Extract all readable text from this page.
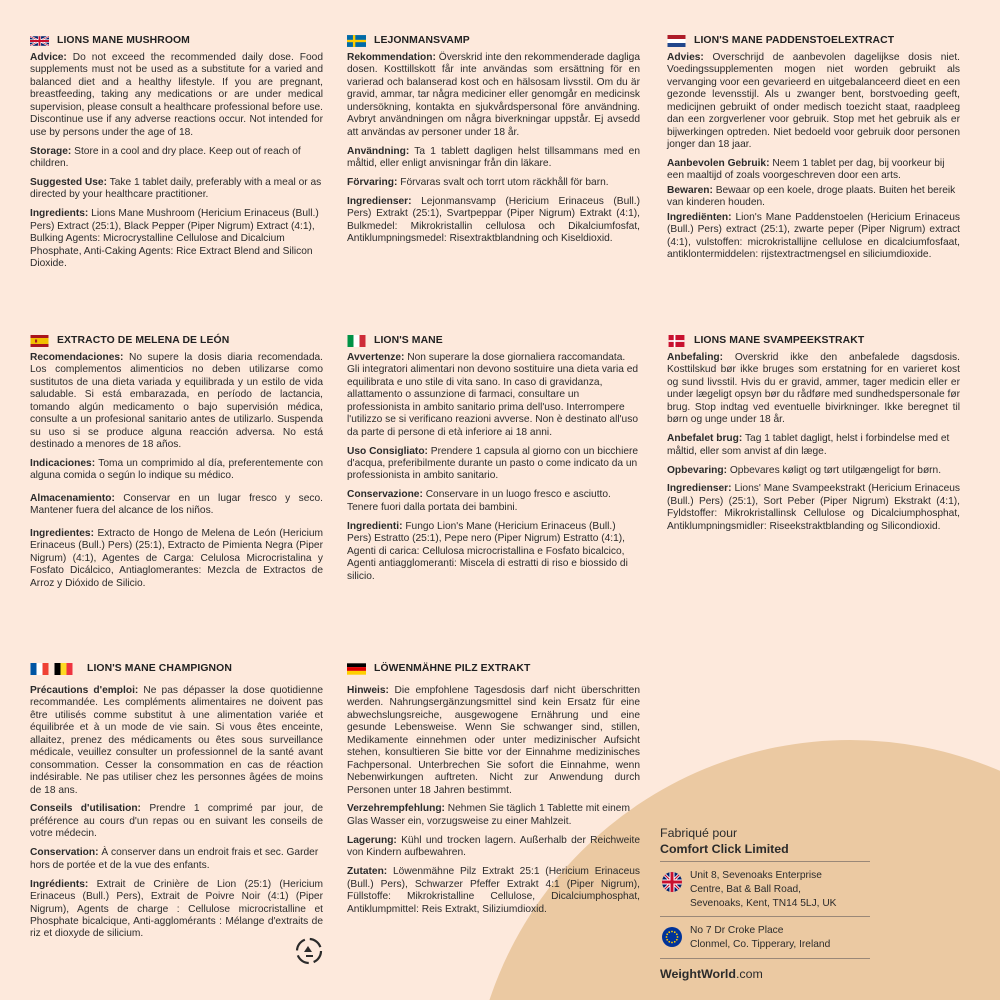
LIONS MANE MUSHROOM

Advice: Do not exceed the recommended daily dose. Food supplements must not be used as a substitute for a varied and balanced diet and a healthy lifestyle. If you are pregnant, breastfeeding, taking any medications or are under medical supervision, please consult a healthcare professional before use. Discontinue use if any adverse reactions occur. Not intended for use by persons under the age of 18.

Storage: Store in a cool and dry place. Keep out of reach of children.

Suggested Use: Take 1 tablet daily, preferably with a meal or as directed by your healthcare practitioner.

Ingredients: Lions Mane Mushroom (Hericium Erinaceus (Bull.) Pers) Extract (25:1), Black Pepper (Piper Nigrum) Extract (4:1), Bulking Agents: Microcrystalline Cellulose and Dicalcium Phosphate, Anti-Caking Agents: Rice Extract Blend and Silicon Dioxide.

LEJONMANSVAMP

Rekommendation: Överskrid inte den rekommenderade dagliga dosen. Kosttillskott får inte användas som ersättning för en varierad och balanserad kost och en hälsosam livsstil. Om du är gravid, ammar, tar några mediciner eller genomgår en medicinsk undersökning, kontakta en sjukvårdspersonal före användning. Avbryt användningen om några biverkningar uppstår. Ej avsedd att användas av personer under 18 år.

Användning: Ta 1 tablett dagligen helst tillsammans med en måltid, eller enligt anvisningar från din läkare.

Förvaring: Förvaras svalt och torrt utom räckhåll för barn.

Ingredienser: Lejonmansvamp (Hericium Erinaceus (Bull.) Pers) Extrakt (25:1), Svartpeppar (Piper Nigrum) Extrakt (4:1), Bulkmedel: Mikrokristallin cellulosa och Dikalciumfosfat, Antiklumpningsmedel: Risextraktblandning och Kiseldioxid.

LION'S MANE PADDENSTOELEXTRACT

Advies: Overschrijd de aanbevolen dagelijkse dosis niet. Voedingssupplementen mogen niet worden gebruikt als vervanging voor een gevarieerd en uitgebalanceerd dieet en een gezonde levensstijl. Als u zwanger bent, borstvoeding geeft, medicijnen gebruikt of onder medisch toezicht staat, raadpleeg dan een zorgverlener voor gebruik. Stop met het gebruik als er bijwerkingen optreden. Niet bedoeld voor gebruik door personen jonger dan 18 jaar.

Aanbevolen Gebruik: Neem 1 tablet per dag, bij voorkeur bij een maaltijd of zoals voorgeschreven door een arts.

Bewaren: Bewaar op een koele, droge plaats. Buiten het bereik van kinderen houden.

Ingrediënten: Lion's Mane Paddenstoelen (Hericium Erinaceus (Bull.) Pers) extract (25:1), zwarte peper (Piper Nigrum) extract (4:1), vulstoffen: microkristallijne cellulose en dicalciumfosfaat, antiklontermiddelen: rijstextractmengsel en siliciumdioxide.

EXTRACTO DE MELENA DE LEÓN

Recomendaciones: No supere la dosis diaria recomendada. Los complementos alimenticios no deben utilizarse como sustitutos de una dieta variada y equilibrada y un estilo de vida saludable. Si está embarazada, en período de lactancia, tomando algún medicamento o bajo supervisión médica, consulte a un profesional sanitario antes de utilizarlo. Suspenda su uso si se produce alguna reacción adversa. No está destinado a menores de 18 años.

Indicaciones: Toma un comprimido al día, preferentemente con alguna comida o según lo indique su médico.

Almacenamiento: Conservar en un lugar fresco y seco. Mantener fuera del alcance de los niños.

Ingredientes: Extracto de Hongo de Melena de León (Hericium Erinaceus (Bull.) Pers) (25:1), Extracto de Pimienta Negra (Piper Nigrum) (4:1), Agentes de Carga: Celulosa Microcristalina y Fosfato Dicálcico, Antiaglomerantes: Mezcla de Extractos de Arroz y Dióxido de Silicio.

LION'S MANE

Avvertenze: Non superare la dose giornaliera raccomandata. Gli integratori alimentari non devono sostituire una dieta varia ed equilibrata e uno stile di vita sano. In caso di gravidanza, allattamento o assunzione di farmaci, consultare un professionista in ambito sanitario prima dell'uso. Interrompere l'utilizzo se si verificano reazioni avverse. Non è destinato all'uso da parte di persone di età inferiore ai 18 anni.

Uso Consigliato: Prendere 1 capsula al giorno con un bicchiere d'acqua, preferibilmente durante un pasto o come indicato da un professionista in ambito sanitario.

Conservazione: Conservare in un luogo fresco e asciutto. Tenere fuori dalla portata dei bambini.

Ingredienti: Fungo Lion's Mane (Hericium Erinaceus (Bull.) Pers) Estratto (25:1), Pepe nero (Piper Nigrum) Estratto (4:1), Agenti di carica: Cellulosa microcristallina e Fosfato bicalcico, Agenti antiagglomeranti: Miscela di estratti di riso e biossido di silicio.

LIONS MANE SVAMPEEKSTRAKT

Anbefaling: Overskrid ikke den anbefalede dagsdosis. Kosttilskud bør ikke bruges som erstatning for en varieret kost og sund livsstil. Hvis du er gravid, ammer, tager medicin eller er under lægeligt opsyn bør du rådføre med sundhedspersonale før brug. Stop indtag ved eventuelle bivirkninger. Ikke beregnet til børn og unge under 18 år.

Anbefalet brug: Tag 1 tablet dagligt, helst i forbindelse med et måltid, eller som anvist af din læge.

Opbevaring: Opbevares køligt og tørt utilgængeligt for børn.

Ingredienser: Lions' Mane Svampeekstrakt (Hericium Erinaceus (Bull.) Pers) (25:1), Sort Peber (Piper Nigrum) Ekstrakt (4:1), Fyldstoffer: Mikrokristallinsk Cellulose og Dicalciumphosphat, Antiklumpningsmidler: Riseekstraktblanding og Silicondioxid.

LION'S MANE CHAMPIGNON

Précautions d'emploi: Ne pas dépasser la dose quotidienne recommandée. Les compléments alimentaires ne doivent pas être utilisés comme substitut à une alimentation variée et équilibrée et à un mode de vie sain. Si vous êtes enceinte, allaitez, prenez des médicaments ou êtes sous surveillance médicale, veuillez consulter un professionnel de la santé avant consommation. Cesser la consommation en cas de réaction indésirable. Ne pas utiliser chez les personnes âgées de moins de 18 ans.

Conseils d'utilisation: Prendre 1 comprimé par jour, de préférence au cours d'un repas ou en suivant les conseils de votre médecin.

Conservation: À conserver dans un endroit frais et sec. Garder hors de portée et de la vue des enfants.

Ingrédients: Extrait de Crinière de Lion (25:1) (Hericium Erinaceus (Bull.) Pers), Extrait de Poivre Noir (4:1) (Piper Nigrum), Agents de charge : Cellulose microcristalline et Phosphate bicalcique, Anti-agglomérants : Mélange d'extraits de riz et dioxyde de silicium.

LÖWENMÄHNE PILZ EXTRAKT

Hinweis: Die empfohlene Tagesdosis darf nicht überschritten werden. Nahrungsergänzungsmittel sind kein Ersatz für eine abwechslungsreiche, ausgewogene Ernährung und eine gesunde Lebensweise. Wenn Sie schwanger sind, stillen, Medikamente einnehmen oder unter medizinischer Aufsicht stehen, konsultieren Sie bitte vor der Einnahme medizinisches Fachpersonal. Unterbrechen Sie sofort die Einnahme, wenn Nebenwirkungen auftreten. Nicht zur Anwendung durch Personen unter 18 Jahren bestimmt.

Verzehrempfehlung: Nehmen Sie täglich 1 Tablette mit einem Glas Wasser ein, vorzugsweise zu einer Mahlzeit.

Lagerung: Kühl und trocken lagern. Außerhalb der Reichweite von Kindern aufbewahren.

Zutaten: Löwenmähne Pilz Extrakt 25:1 (Hericium Erinaceus (Bull.) Pers), Schwarzer Pfeffer Extrakt 4:1 (Piper Nigrum), Füllstoffe: Mikrokristalline Cellulose, Dicalciumphosphat, Antiklumpmittel: Reis Extrakt, Siliziumdioxid.

Fabriqué pour
Comfort Click Limited
Unit 8, Sevenoaks Enterprise
Centre, Bat & Ball Road,
Sevenoaks, Kent, TN14 5LJ, UK
No 7 Dr Croke Place
Clonmel, Co. Tipperary, Ireland
WeightWorld.com
